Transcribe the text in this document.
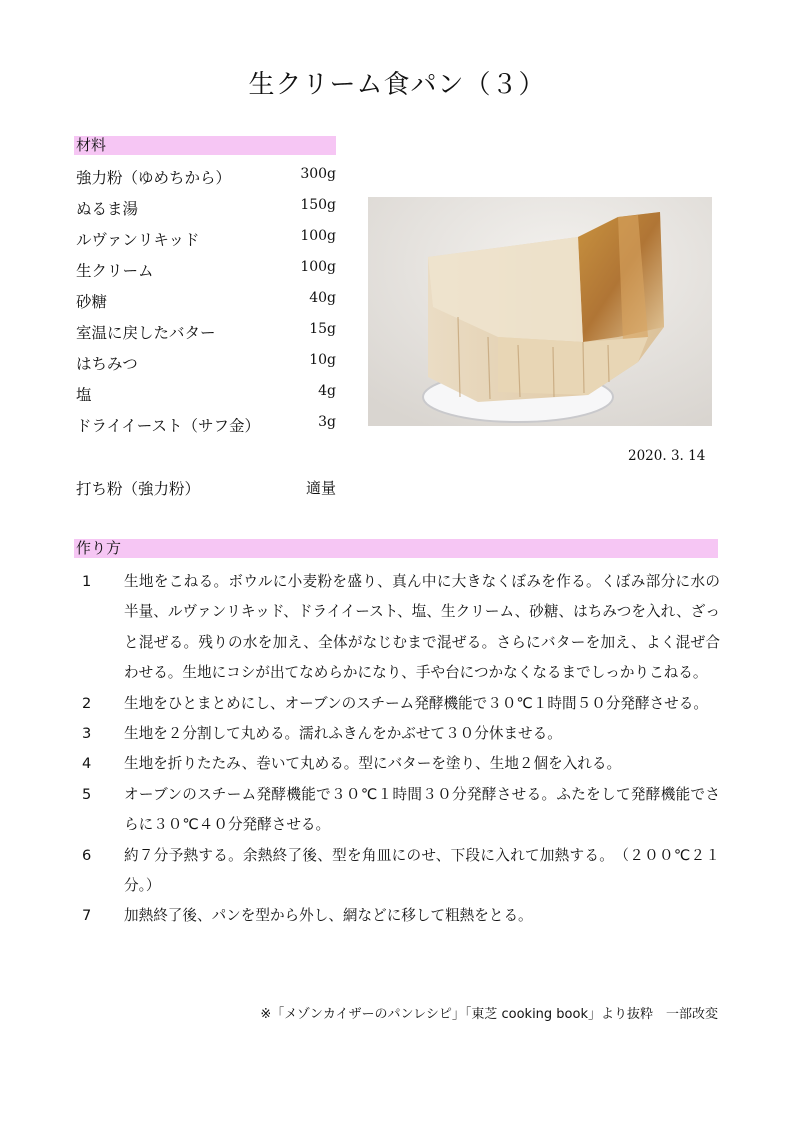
生クリーム食パン（３）
材料
強力粉（ゆめちから）	300g
ぬるま湯	150g
ルヴァンリキッド	100g
生クリーム	100g
砂糖	40g
室温に戻したバター	15g
はちみつ	10g
塩	4g
ドライイースト（サフ金）	3g
打ち粉（強力粉）	適量
2020. 3. 14
作り方
1 生地をこねる。ボウルに小麦粉を盛り、真ん中に大きなくぼみを作る。くぼみ部分に水の半量、ルヴァンリキッド、ドライイースト、塩、生クリーム、砂糖、はちみつを入れ、ざっと混ぜる。残りの水を加え、全体がなじむまで混ぜる。さらにバターを加え、よく混ぜ合わせる。生地にコシが出てなめらかになり、手や台につかなくなるまでしっかりこねる。
2 生地をひとまとめにし、オーブンのスチーム発酵機能で３０℃１時間５０分発酵させる。
3 生地を２分割して丸める。濡れふきんをかぶせて３０分休ませる。
4 生地を折りたたみ、巻いて丸める。型にバターを塗り、生地２個を入れる。
5 オーブンのスチーム発酵機能で３０℃１時間３０分発酵させる。ふたをして発酵機能でさらに３０℃４０分発酵させる。
6 約７分予熱する。余熱終了後、型を角皿にのせ、下段に入れて加熱する。　（２００℃２１分。）
7 加熱終了後、パンを型から外し、網などに移して粗熱をとる。
※「メゾンカイザーのパンレシピ」「東芝 cooking book」より抜粋　一部改変
